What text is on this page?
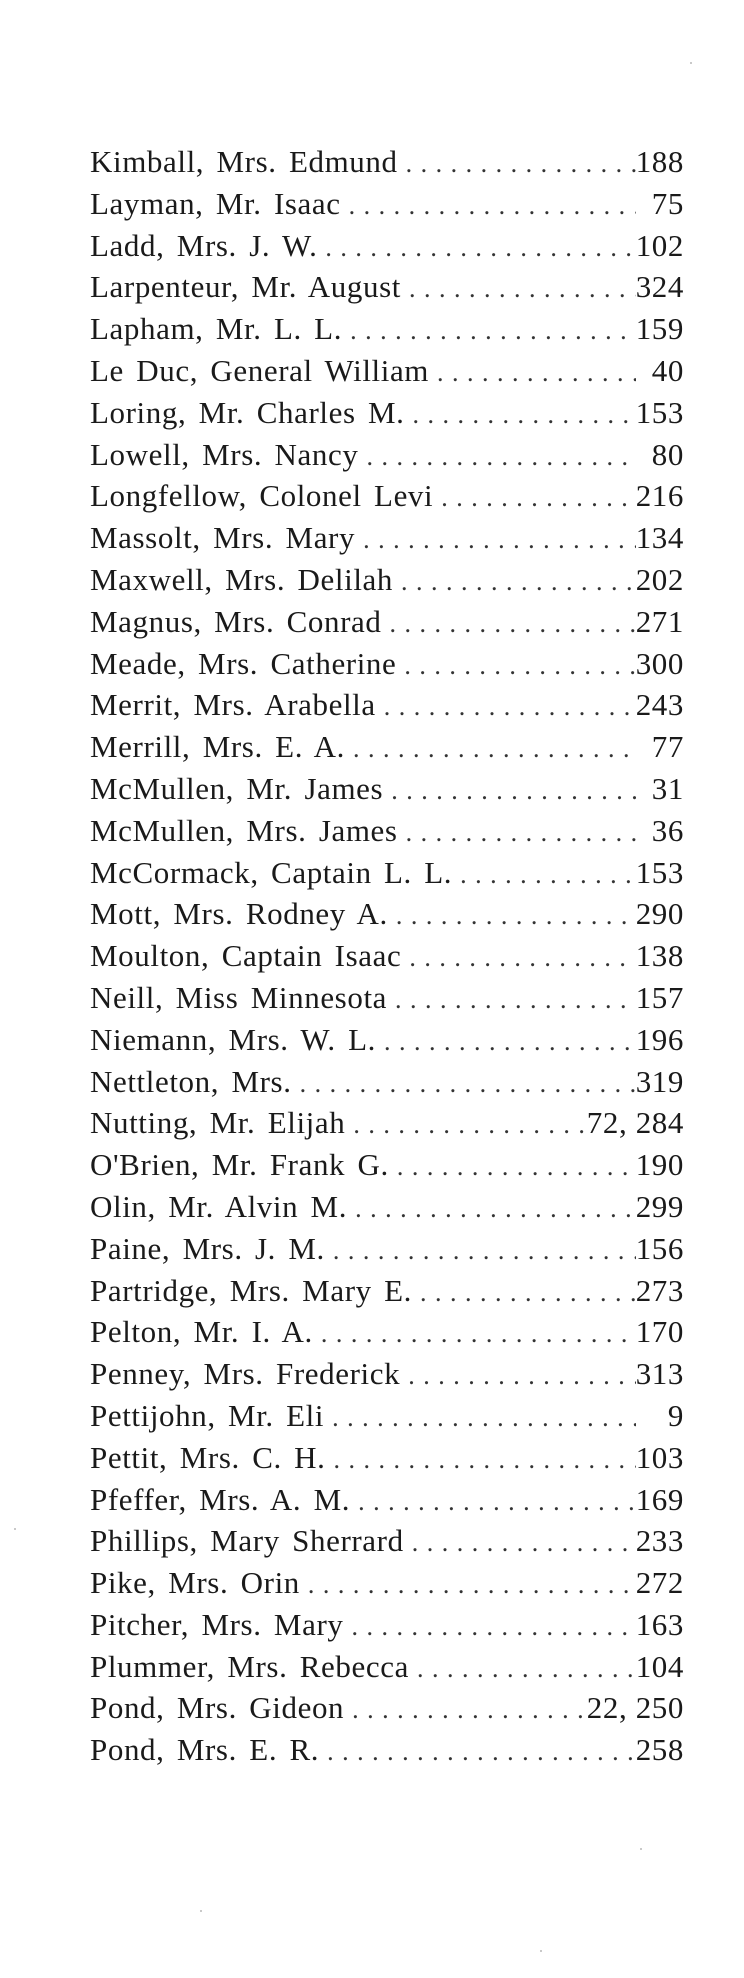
Kimball, Mrs. Edmund . . .	188
Layman, Mr. Isaac . . .	75
Ladd, Mrs. J. W. . . .	102
Larpenteur, Mr. August . . .	324
Lapham, Mr. L. L. . . .	159
Le Duc, General William . . .	40
Loring, Mr. Charles M. . . .	153
Lowell, Mrs. Nancy . . .	80
Longfellow, Colonel Levi . . .	216
Massolt, Mrs. Mary . . .	134
Maxwell, Mrs. Delilah . . .	202
Magnus, Mrs. Conrad . . .	271
Meade, Mrs. Catherine . . .	300
Merrit, Mrs. Arabella . . .	243
Merrill, Mrs. E. A. . . .	77
McMullen, Mr. James . . .	31
McMullen, Mrs. James . . .	36
McCormack, Captain L. L. . . .	153
Mott, Mrs. Rodney A. . . .	290
Moulton, Captain Isaac . . .	138
Neill, Miss Minnesota . . .	157
Niemann, Mrs. W. L. . . .	196
Nettleton, Mrs. . . .	319
Nutting, Mr. Elijah . . .	72, 284
O'Brien, Mr. Frank G. . . .	190
Olin, Mr. Alvin M. . . .	299
Paine, Mrs. J. M. . . .	156
Partridge, Mrs. Mary E. . . .	273
Pelton, Mr. I. A. . . .	170
Penney, Mrs. Frederick . . .	313
Pettijohn, Mr. Eli . . .	9
Pettit, Mrs. C. H. . . .	103
Pfeffer, Mrs. A. M. . . .	169
Phillips, Mary Sherrard . . .	233
Pike, Mrs. Orin . . .	272
Pitcher, Mrs. Mary . . .	163
Plummer, Mrs. Rebecca . . .	104
Pond, Mrs. Gideon . . .	22, 250
Pond, Mrs. E. R. . . .	258
